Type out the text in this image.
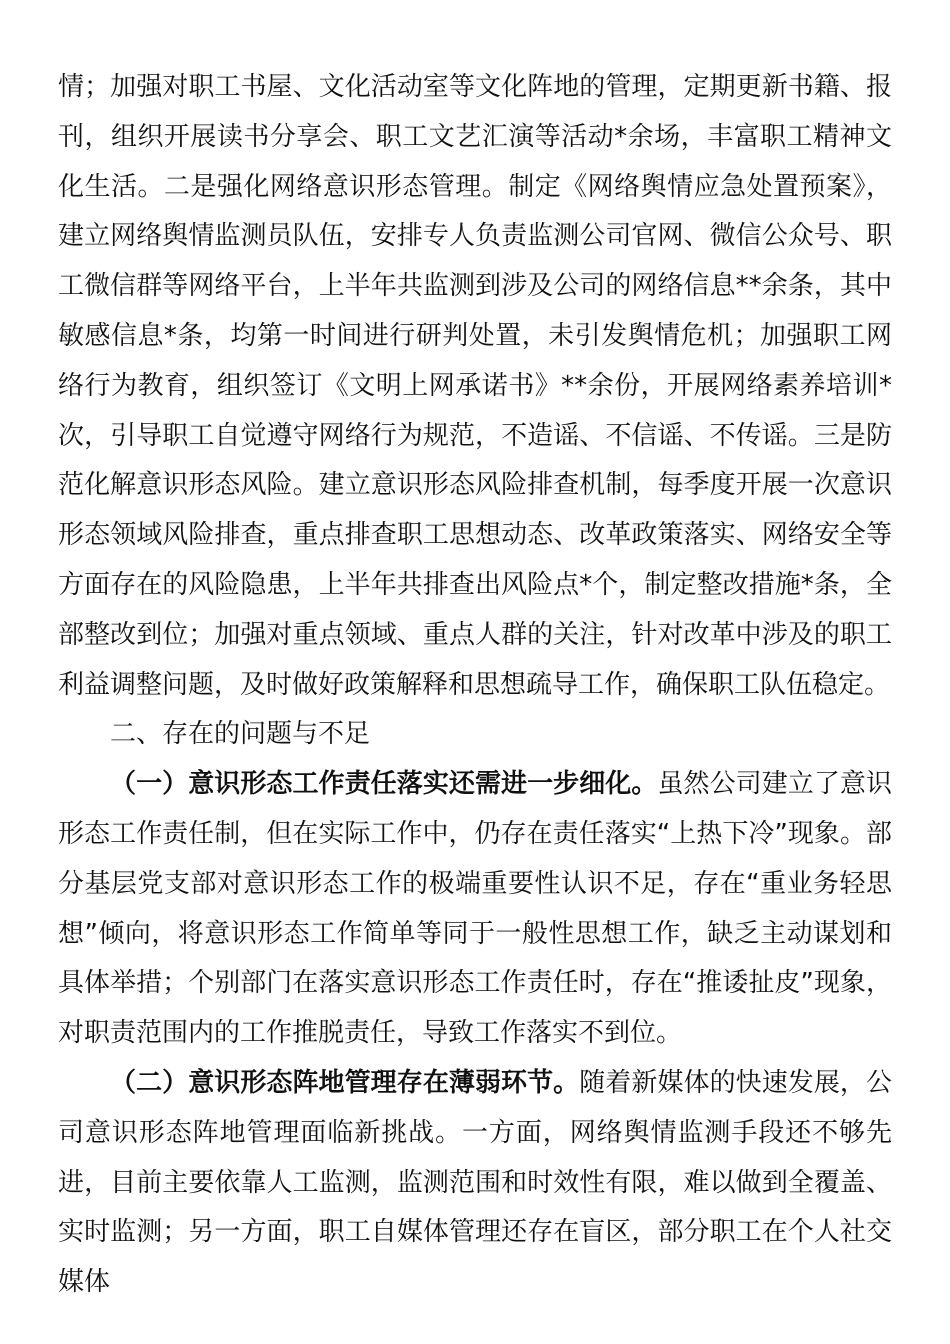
情；加强对职工书屋、文化活动室等文化阵地的管理，定期更新书籍、报刊，组织开展读书分享会、职工文艺汇演等活动*余场，丰富职工精神文化生活。二是强化网络意识形态管理。制定《网络舆情应急处置预案》，建立网络舆情监测员队伍，安排专人负责监测公司官网、微信公众号、职工微信群等网络平台，上半年共监测到涉及公司的网络信息**余条，其中敏感信息*条，均第一时间进行研判处置，未引发舆情危机；加强职工网络行为教育，组织签订《文明上网承诺书》**余份，开展网络素养培训*次，引导职工自觉遵守网络行为规范，不造谣、不信谣、不传谣。三是防范化解意识形态风险。建立意识形态风险排查机制，每季度开展一次意识形态领域风险排查，重点排查职工思想动态、改革政策落实、网络安全等方面存在的风险隐患，上半年共排查出风险点*个，制定整改措施*条，全部整改到位；加强对重点领域、重点人群的关注，针对改革中涉及的职工利益调整问题，及时做好政策解释和思想疏导工作，确保职工队伍稳定。

二、存在的问题与不足

（一）意识形态工作责任落实还需进一步细化。虽然公司建立了意识形态工作责任制，但在实际工作中，仍存在责任落实“上热下冷”现象。部分基层党支部对意识形态工作的极端重要性认识不足，存在“重业务轻思想”倾向，将意识形态工作简单等同于一般性思想工作，缺乏主动谋划和具体举措；个别部门在落实意识形态工作责任时，存在“推诿扯皮”现象，对职责范围内的工作推脱责任，导致工作落实不到位。

（二）意识形态阵地管理存在薄弱环节。随着新媒体的快速发展，公司意识形态阵地管理面临新挑战。一方面，网络舆情监测手段还不够先进，目前主要依靠人工监测，监测范围和时效性有限，难以做到全覆盖、实时监测；另一方面，职工自媒体管理还存在盲区，部分职工在个人社交媒体
